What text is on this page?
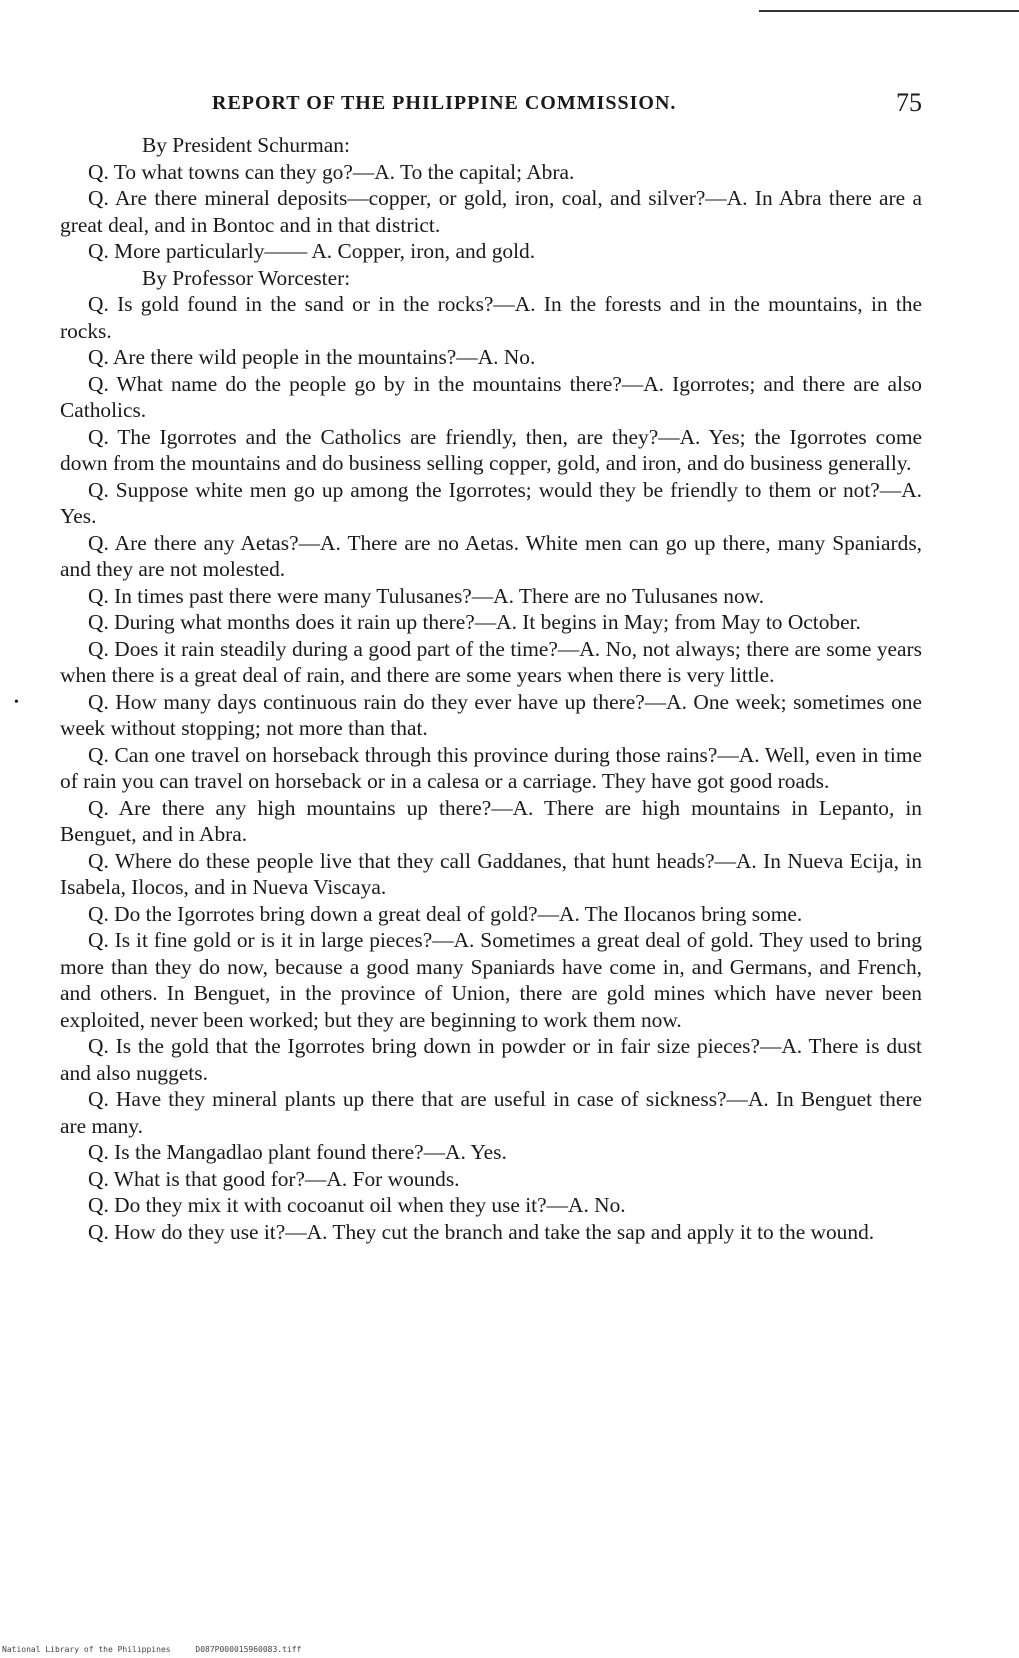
REPORT OF THE PHILIPPINE COMMISSION.	75
•

By President Schurman:

Q. To what towns can they go?—A. To the capital; Abra.

Q. Are there mineral deposits—copper, or gold, iron, coal, and silver?—A. In Abra there are a great deal, and in Bontoc and in that district.

Q. More particularly—— A. Copper, iron, and gold.

By Professor Worcester:

Q. Is gold found in the sand or in the rocks?—A. In the forests and in the mountains, in the rocks.

Q. Are there wild people in the mountains?—A. No.

Q. What name do the people go by in the mountains there?—A. Igorrotes; and there are also Catholics.

Q. The Igorrotes and the Catholics are friendly, then, are they?—A. Yes; the Igorrotes come down from the mountains and do business selling copper, gold, and iron, and do business generally.

Q. Suppose white men go up among the Igorrotes; would they be friendly to them or not?—A. Yes.

Q. Are there any Aetas?—A. There are no Aetas. White men can go up there, many Spaniards, and they are not molested.

Q. In times past there were many Tulusanes?—A. There are no Tulusanes now.

Q. During what months does it rain up there?—A. It begins in May; from May to October.

Q. Does it rain steadily during a good part of the time?—A. No, not always; there are some years when there is a great deal of rain, and there are some years when there is very little.

Q. How many days continuous rain do they ever have up there?—A. One week; sometimes one week without stopping; not more than that.

Q. Can one travel on horseback through this province during those rains?—A. Well, even in time of rain you can travel on horseback or in a calesa or a carriage. They have got good roads.

Q. Are there any high mountains up there?—A. There are high mountains in Lepanto, in Benguet, and in Abra.

Q. Where do these people live that they call Gaddanes, that hunt heads?—A. In Nueva Ecija, in Isabela, Ilocos, and in Nueva Viscaya.

Q. Do the Igorrotes bring down a great deal of gold?—A. The Ilocanos bring some.

Q. Is it fine gold or is it in large pieces?—A. Sometimes a great deal of gold. They used to bring more than they do now, because a good many Spaniards have come in, and Germans, and French, and others. In Benguet, in the province of Union, there are gold mines which have never been exploited, never been worked; but they are beginning to work them now.

Q. Is the gold that the Igorrotes bring down in powder or in fair size pieces?—A. There is dust and also nuggets.

Q. Have they mineral plants up there that are useful in case of sickness?—A. In Benguet there are many.

Q. Is the Mangadlao plant found there?—A. Yes.

Q. What is that good for?—A. For wounds.

Q. Do they mix it with cocoanut oil when they use it?—A. No.

Q. How do they use it?—A. They cut the branch and take the sap and apply it to the wound.

National Library of the Philippines	D087P000015960083.tiff
